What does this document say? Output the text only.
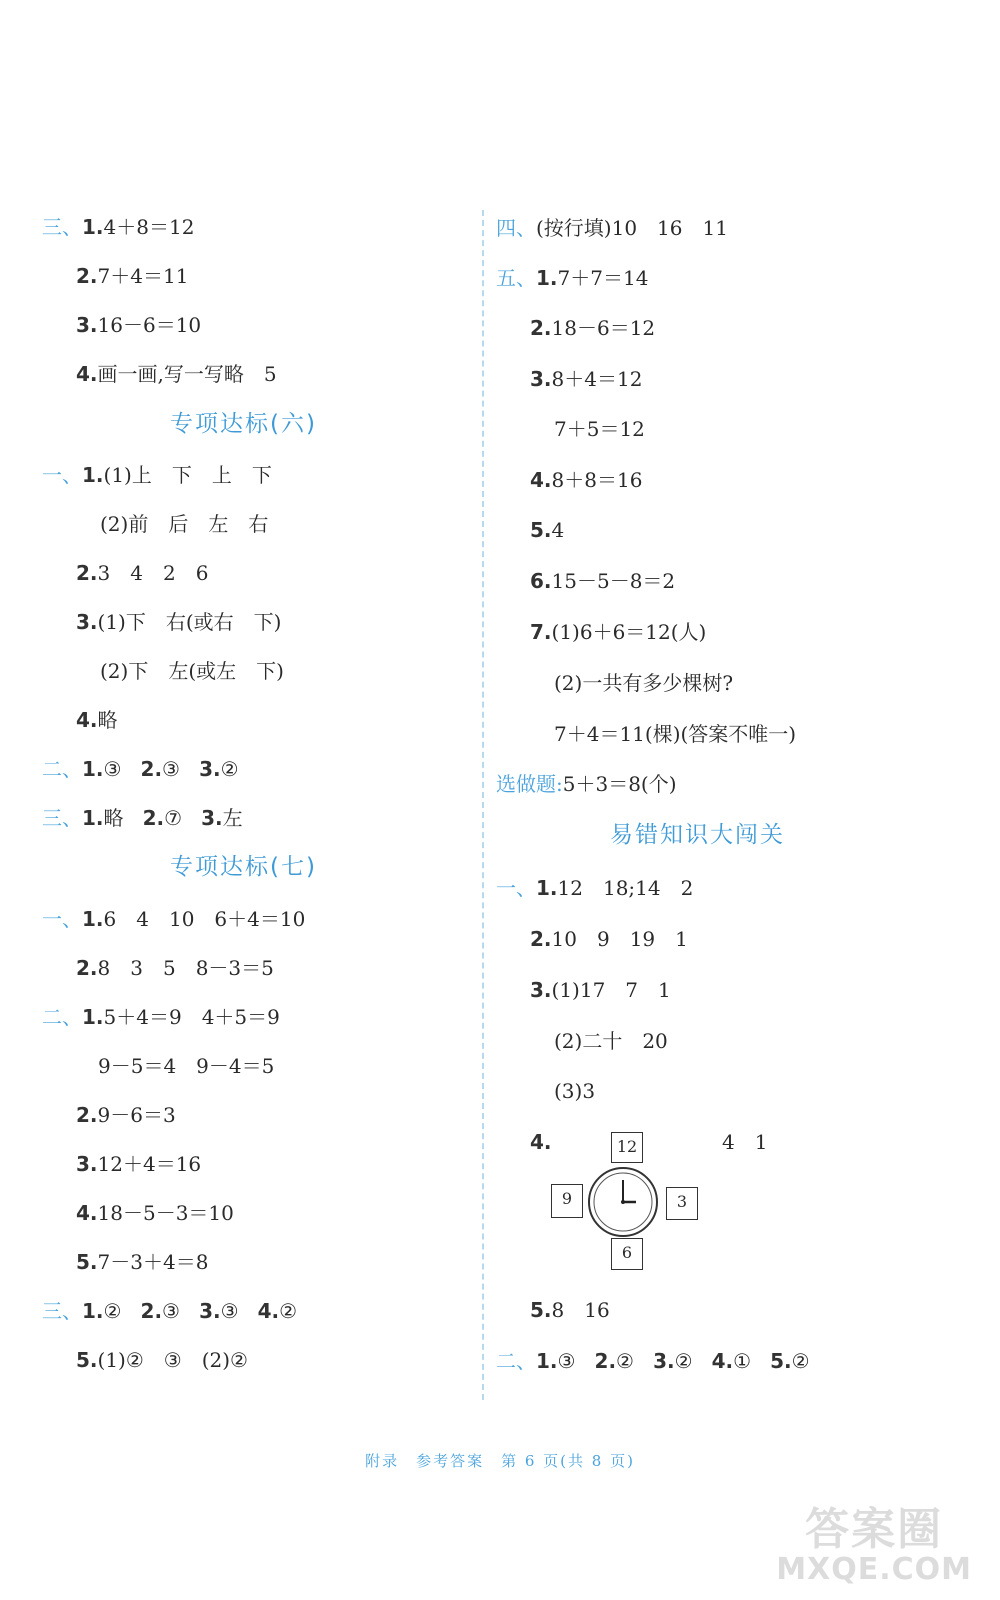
三、1.4＋8＝12
2.7＋4＝11
3.16－6＝10
4.画一画,写一写略　5
专项达标(六)
一、1.(1)上　下　上　下
(2)前　后　左　右
2.3　4　2　6
3.(1)下　右(或右　下)
(2)下　左(或左　下)
4.略
二、1.③ 2.③ 3.②
三、1.略 2.⑦ 3.左
专项达标(七)
一、1.6　4　10　6＋4＝10
2.8　3　5　8－3＝5
二、1.5＋4＝9　4＋5＝9
9－5＝4　9－4＝5
2.9－6＝3
3.12＋4＝16
4.18－5－3＝10
5.7－3＋4＝8
三、1.② 2.③ 3.③ 4.②
5.(1)②　③　(2)②
四、(按行填)10　16　11
五、1.7＋7＝14
2.18－6＝12
3.8＋4＝12
7＋5＝12
4.8＋8＝16
5.4
6.15－5－8＝2
7.(1)6＋6＝12(人)
(2)一共有多少棵树?
7＋4＝11(棵)(答案不唯一)
选做题:5＋3＝8(个)
易错知识大闯关
一、1.12　18;14　2
2.10　9　19　1
3.(1)17　7　1
(2)二十　20
(3)3
4.	4　1
12
9	3
6
5.8　16
二、1.③ 2.② 3.② 4.① 5.②
附录　参考答案　第 6 页(共 8 页)
答案圈
MXQE.COM
